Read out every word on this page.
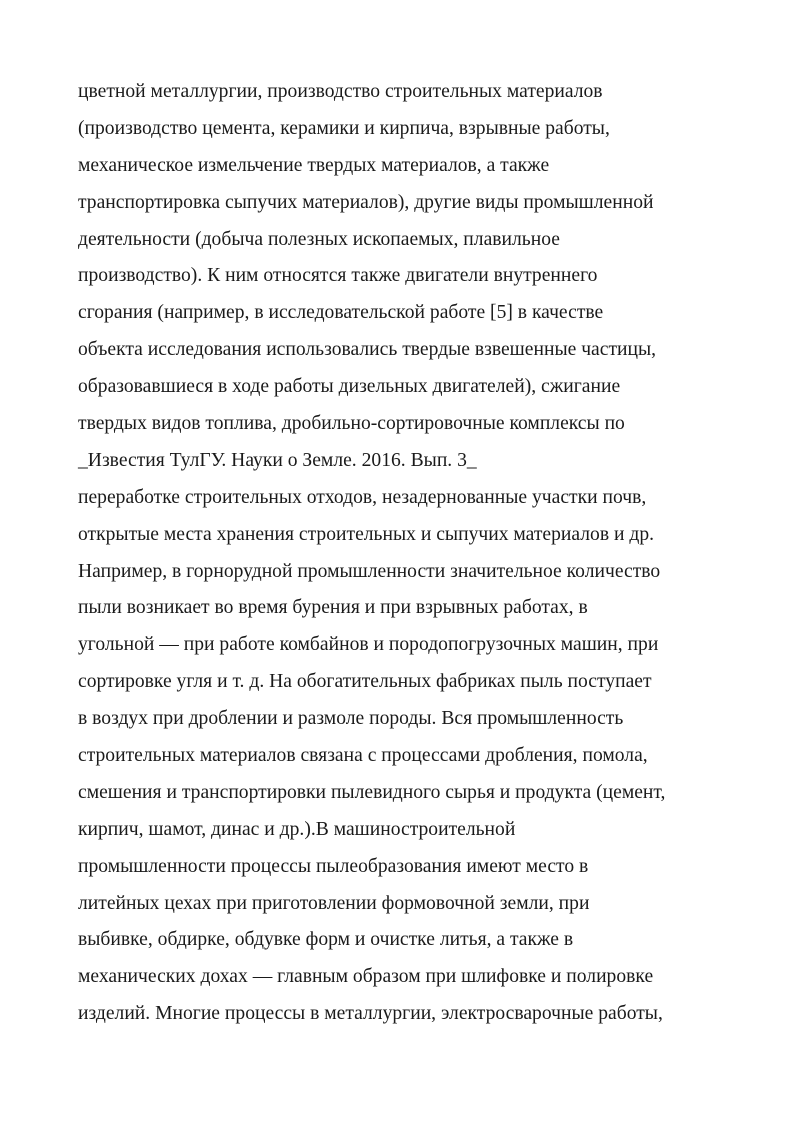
цветной металлургии, производство строительных материалов
(производство цемента, керамики и кирпича, взрывные работы,
механическое измельчение твердых материалов, а также
транспортировка сыпучих материалов), другие виды промышленной
деятельности (добыча полезных ископаемых, плавильное
производство). К ним относятся также двигатели внутреннего
сгорания (например, в исследовательской работе [5] в качестве
объекта исследования использовались твердые взвешенные частицы,
образовавшиеся в ходе работы дизельных двигателей), сжигание
твердых видов топлива, дробильно-сортировочные комплексы по
_Известия ТулГУ. Науки о Земле. 2016. Вып. 3_
переработке строительных отходов, незадернованные участки почв,
открытые места хранения строительных и сыпучих материалов и др.
Например, в горнорудной промышленности значительное количество
пыли возникает во время бурения и при взрывных работах, в
угольной — при работе комбайнов и породопогрузочных машин, при
сортировке угля и т. д. На обогатительных фабриках пыль поступает
в воздух при дроблении и размоле породы. Вся промышленность
строительных материалов связана с процессами дробления, помола,
смешения и транспортировки пылевидного сырья и продукта (цемент,
кирпич, шамот, динас и др.).В машиностроительной
промышленности процессы пылеобразования имеют место в
литейных цехах при приготовлении формовочной земли, при
выбивке, обдирке, обдувке форм и очистке литья, а также в
механических дохах — главным образом при шлифовке и полировке
изделий. Многие процессы в металлургии, электросварочные работы,
